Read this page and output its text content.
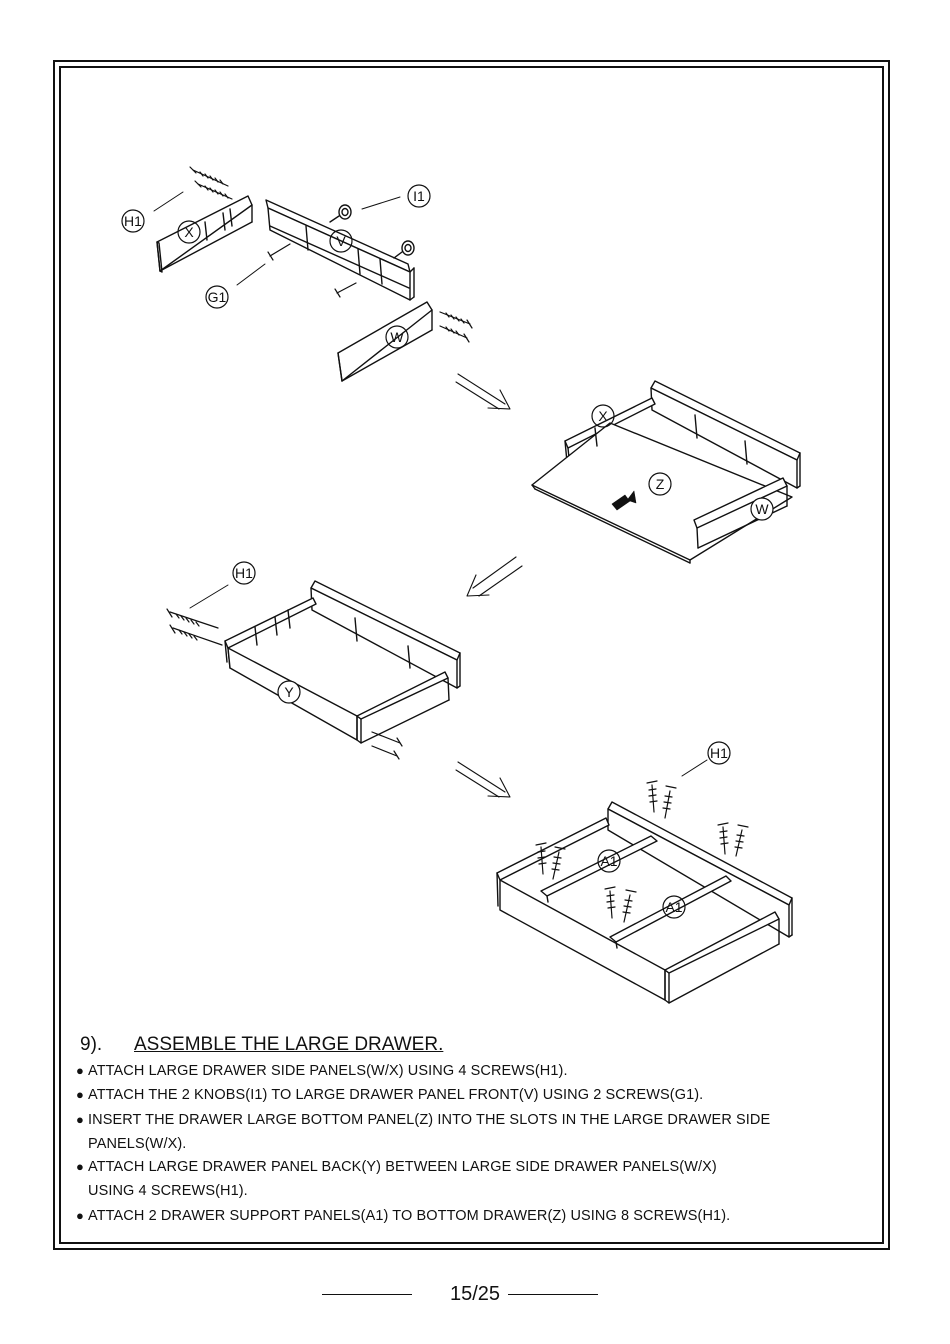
H1
X
I1
V
G1
W
X
Z
W
H1
Y
H1
A1
A1
9). ASSEMBLE THE LARGE DRAWER.
● ATTACH LARGE DRAWER SIDE PANELS(W/X) USING 4 SCREWS(H1).
● ATTACH THE 2 KNOBS(I1) TO LARGE DRAWER PANEL FRONT(V) USING 2 SCREWS(G1).
● INSERT THE DRAWER LARGE BOTTOM PANEL(Z) INTO THE SLOTS IN THE LARGE DRAWER SIDE
PANELS(W/X).
● ATTACH LARGE DRAWER PANEL BACK(Y) BETWEEN LARGE SIDE DRAWER PANELS(W/X)
USING 4 SCREWS(H1).
● ATTACH 2 DRAWER SUPPORT PANELS(A1) TO BOTTOM DRAWER(Z) USING 8 SCREWS(H1).
15/25
